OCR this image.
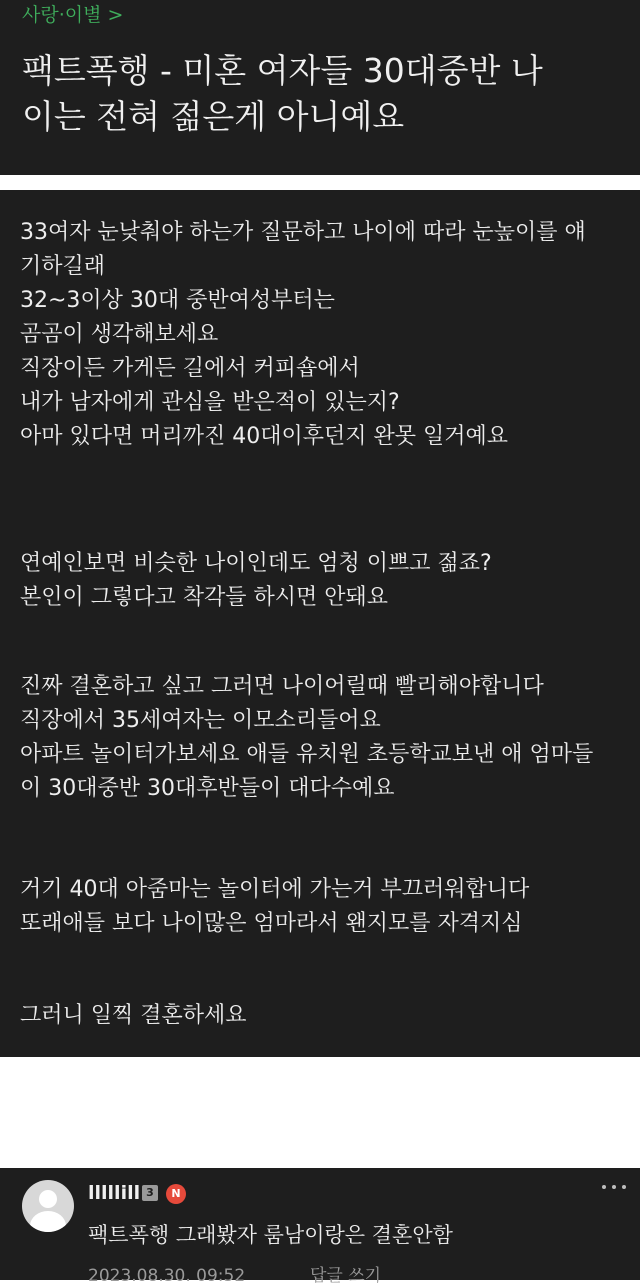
사랑·이별 >
팩트폭행 - 미혼 여자들 30대중반 나
이는 전혀 젊은게 아니예요
33여자 눈낮춰야 하는가 질문하고 나이에 따라 눈높이를 얘
기하길래
32~3이상 30대 중반여성부터는
곰곰이 생각해보세요
직장이든 가게든 길에서 커피숍에서
내가 남자에게 관심을 받은적이 있는지?
아마 있다면 머리까진 40대이후던지 완못 일거예요
연예인보면 비슷한 나이인데도 엄청 이쁘고 젊죠?
본인이 그렇다고 착각들 하시면 안돼요
진짜 결혼하고 싶고 그러면 나이어릴때 빨리해야합니다
직장에서 35세여자는 이모소리들어요
아파트 놀이터가보세요 애들 유치원 초등학교보낸 애 엄마들
이 30대중반 30대후반들이 대다수예요
거기 40대 아줌마는 놀이터에 가는거 부끄러워합니다
또래애들 보다 나이많은 엄마라서 왠지모를 자격지심
그러니 일찍 결혼하세요
lllllill 3	N
팩트폭행 그래봤자 룸남이랑은 결혼안함
2023.08.30. 09:52	답글 쓰기
